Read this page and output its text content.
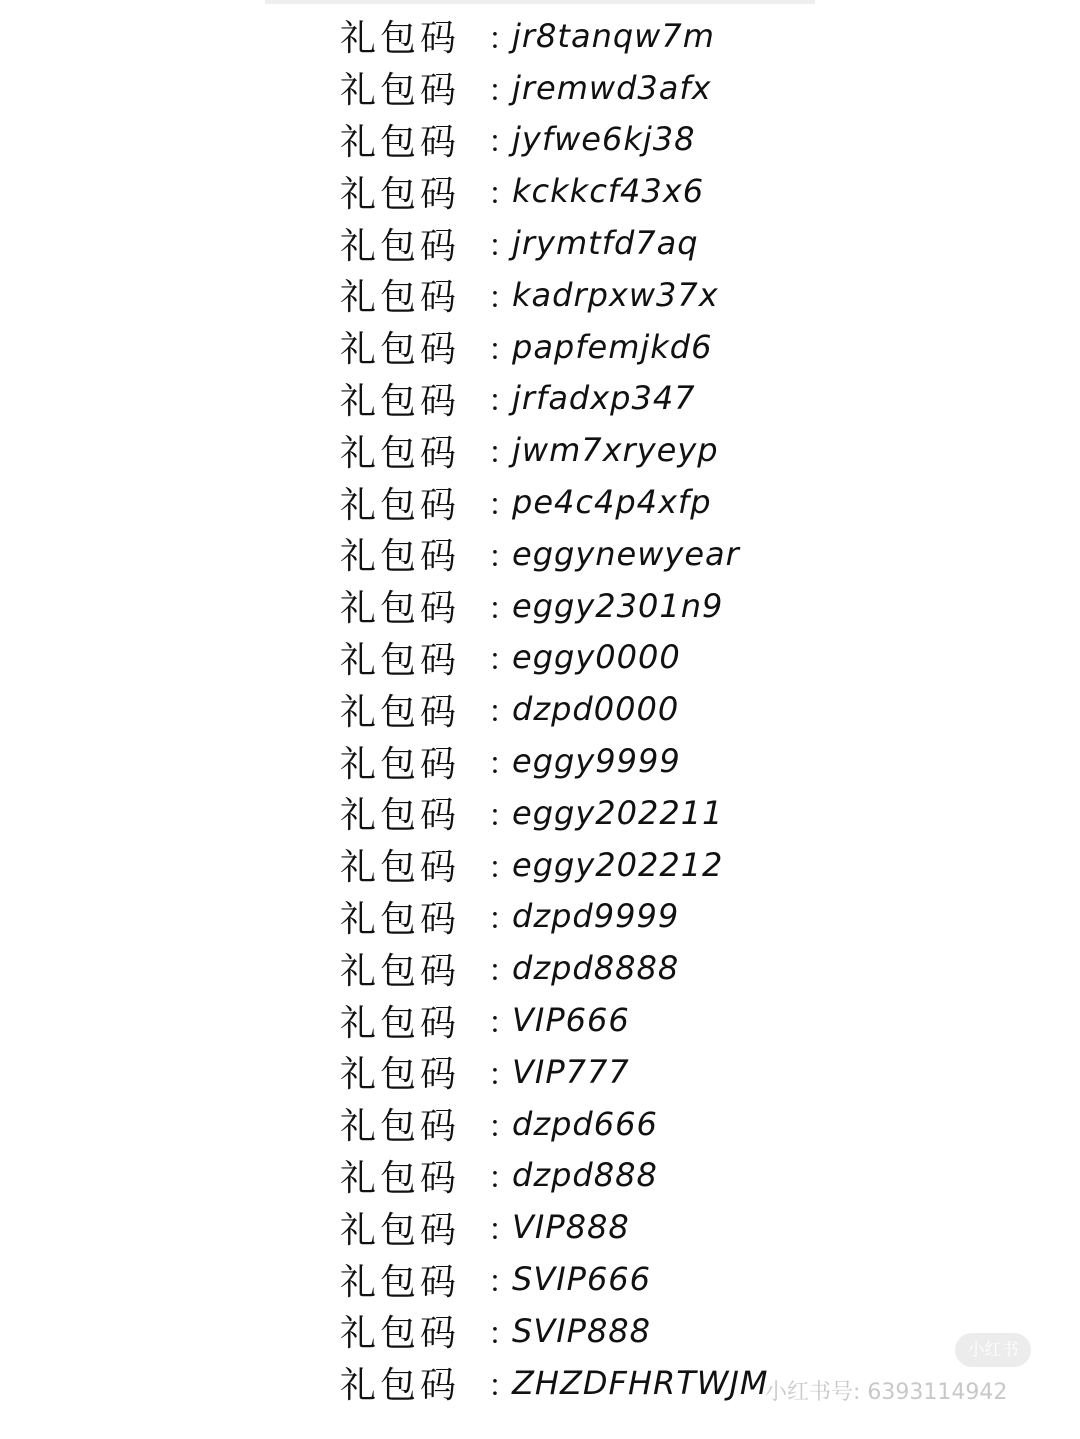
礼包码 ：
jr8tanqw7m
礼包码 ：
jremwd3afx
礼包码 ：
jyfwe6kj38
礼包码 ：
kckkcf43x6
礼包码 ：
jrymtfd7aq
礼包码 ：
kadrpxw37x
礼包码 ：
papfemjkd6
礼包码 ：
jrfadxp347
礼包码 ：
jwm7xryeyp
礼包码 ：
pe4c4p4xfp
礼包码 ：
eggynewyear
礼包码 ：
eggy2301n9
礼包码 ：
eggy0000
礼包码 ：
dzpd0000
礼包码 ：
eggy9999
礼包码 ：
eggy202211
礼包码 ：
eggy202212
礼包码 ：
dzpd9999
礼包码 ：
dzpd8888
礼包码 ：
VIP666
礼包码 ：
VIP777
礼包码 ：
dzpd666
礼包码 ：
dzpd888
礼包码 ：
VIP888
礼包码 ：
SVIP666
礼包码 ：
SVIP888
礼包码 ：
ZHZDFHRTWJM
小红书
小红书号: 6393114942
